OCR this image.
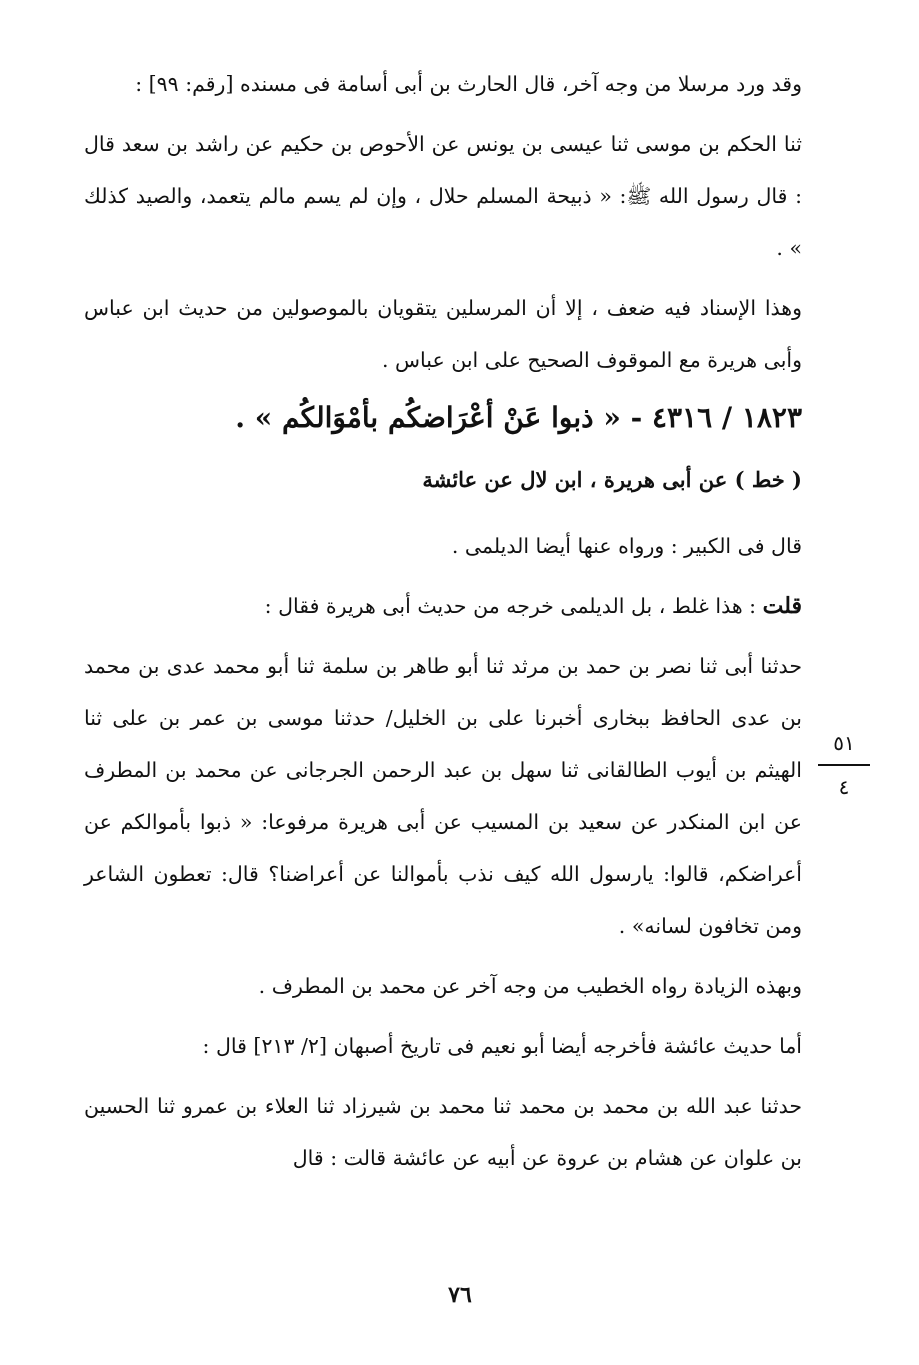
وقد ورد مرسلا من وجه آخر، قال الحارث بن أبى أسامة فى مسنده [رقم: ٩٩] :

ثنا الحكم بن موسى ثنا عيسى بن يونس عن الأحوص بن حكيم عن راشد بن سعد قال : قال رسول الله ﷺ: « ذبيحة المسلم حلال ، وإن لم يسم مالم يتعمد، والصيد كذلك » .

وهذا الإسناد فيه ضعف ، إلا أن المرسلين يتقويان بالموصولين من حديث ابن عباس وأبى هريرة مع الموقوف الصحيح على ابن عباس .

١٨٢٣ / ٤٣١٦ - « ذبوا عَنْ أعْرَاضكُم بأمْوَالكُم » .

( خط ) عن أبى هريرة ، ابن لال عن عائشة

قال فى الكبير : ورواه عنها أيضا الديلمى .

قلت : هذا غلط ، بل الديلمى خرجه من حديث أبى هريرة فقال :

حدثنا أبى ثنا نصر بن حمد بن مرثد ثنا أبو طاهر بن سلمة ثنا أبو محمد عدى بن محمد بن عدى الحافظ ببخارى أخبرنا على بن الخليل/ حدثنا موسى بن عمر بن على ثنا الهيثم بن أيوب الطالقانى ثنا سهل بن عبد الرحمن الجرجانى عن محمد بن المطرف عن ابن المنكدر عن سعيد بن المسيب عن أبى هريرة مرفوعا: « ذبوا بأموالكم عن أعراضكم، قالوا: يارسول الله كيف نذب بأموالنا عن أعراضنا؟ قال: تعطون الشاعر ومن تخافون لسانه» .

وبهذه الزيادة رواه الخطيب من وجه آخر عن محمد بن المطرف .

أما حديث عائشة فأخرجه أيضا أبو نعيم فى تاريخ أصبهان [٢/ ٢١٣] قال :

حدثنا عبد الله بن محمد بن محمد ثنا محمد بن شيرزاد ثنا العلاء بن عمرو ثنا الحسين بن علوان عن هشام بن عروة عن أبيه عن عائشة قالت : قال

٥١
٤
٧٦
